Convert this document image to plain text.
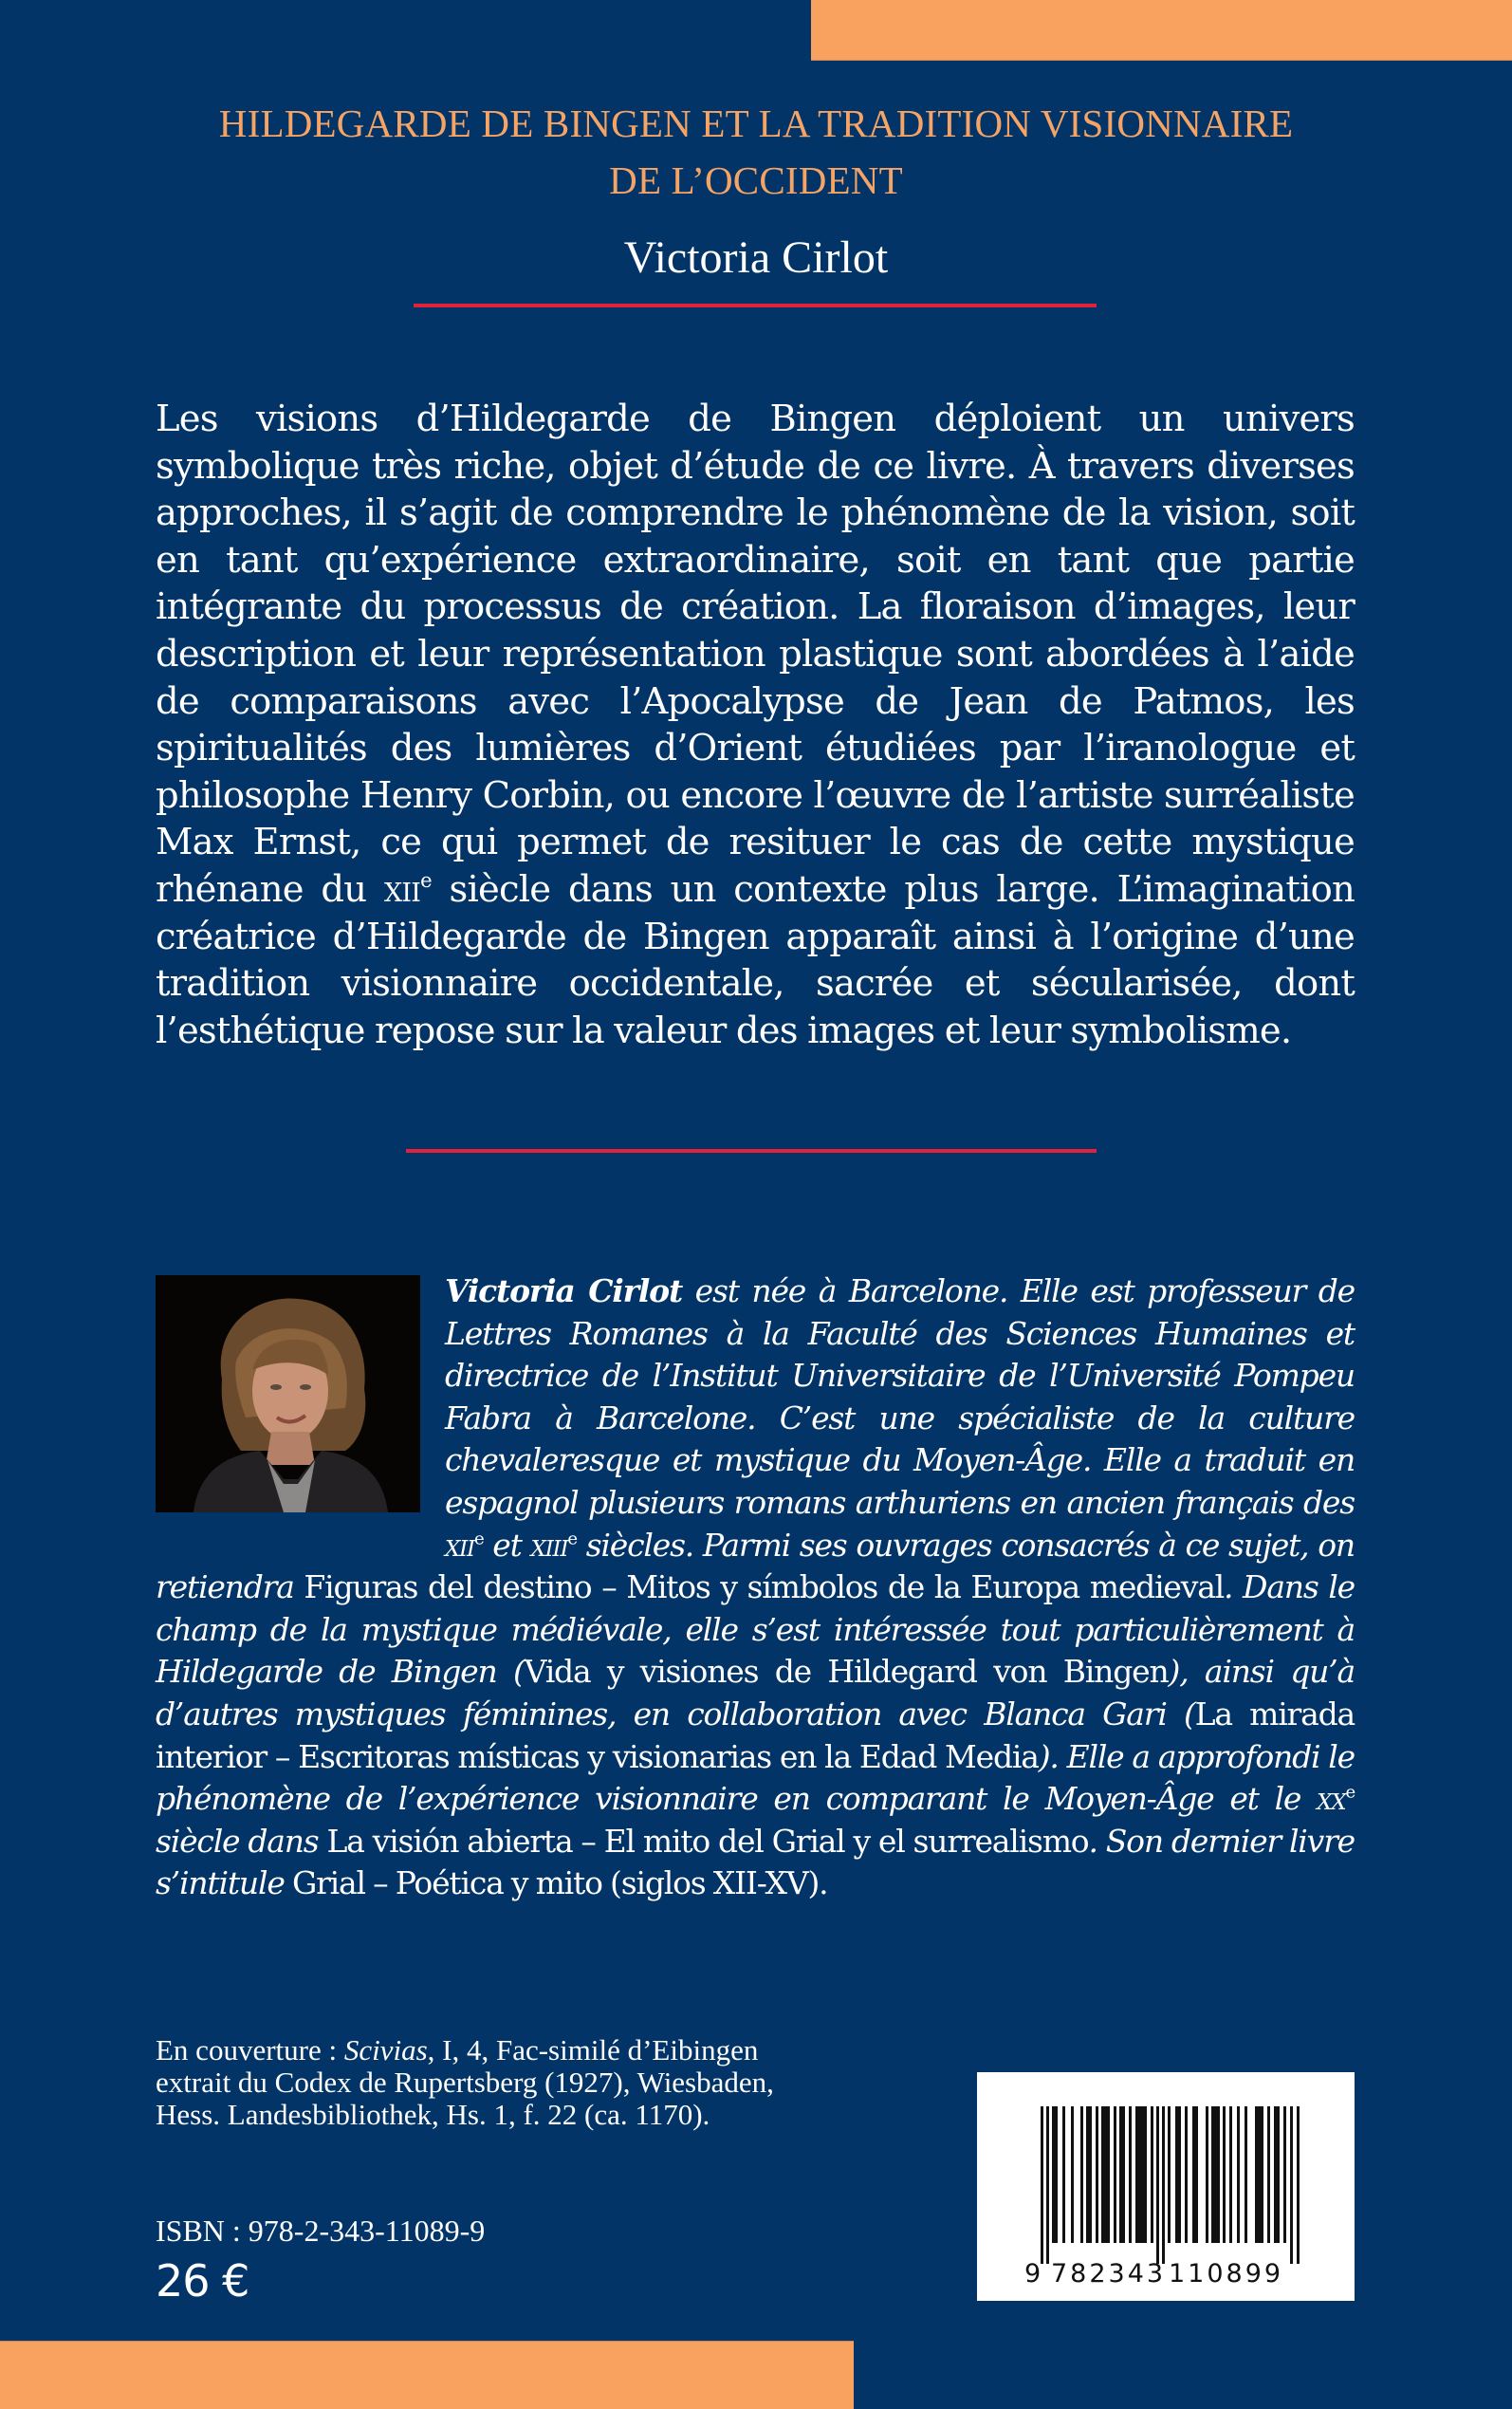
HILDEGARDE DE BINGEN ET LA TRADITION VISIONNAIRE
DE L’OCCIDENT
Victoria Cirlot

Les visions d’Hildegarde de Bingen déploient un univers symbolique très riche, objet d’étude de ce livre. À travers diverses approches, il s’agit de comprendre le phénomène de la vision, soit en tant qu’expérience extraordinaire, soit en tant que partie intégrante du processus de création. La floraison d’images, leur description et leur représentation plastique sont abordées à l’aide de comparaisons avec l’Apocalypse de Jean de Patmos, les spiritualités des lumières d’Orient étudiées par l’iranologue et philosophe Henry Corbin, ou encore l’œuvre de l’artiste surréaliste Max Ernst, ce qui permet de resituer le cas de cette mystique rhénane du xii$^e$ siècle dans un contexte plus large. L’imagination créatrice d’Hildegarde de Bingen apparaît ainsi à l’origine d’une tradition visionnaire occidentale, sacrée et sécularisée, dont l’esthétique repose sur la valeur des images et leur symbolisme.

Victoria Cirlot est née à Barcelone. Elle est professeur de Lettres Romanes à la Faculté des Sciences Humaines et directrice de l’Institut Universitaire de l’Université Pompeu Fabra à Barcelone. C’est une spécialiste de la culture chevaleresque et mystique du Moyen-Âge. Elle a traduit en espagnol plusieurs romans arthuriens en ancien français des xii$^e$ et xiii$^e$ siècles. Parmi ses ouvrages consacrés à ce sujet, on retiendra Figuras del destino – Mitos y símbolos de la Europa medieval. Dans le champ de la mystique médiévale, elle s’est intéressée tout particulièrement à Hildegarde de Bingen (Vida y visiones de Hildegard von Bingen), ainsi qu’à d’autres mystiques féminines, en collaboration avec Blanca Gari (La mirada interior – Escritoras místicas y visionarias en la Edad Media). Elle a approfondi le phénomène de l’expérience visionnaire en comparant le Moyen-Âge et le $xx^e$ siècle dans La visión abierta – El mito del Grial y el surrealismo. Son dernier livre s’intitule Grial – Poética y mito (siglos XII-XV).

En couverture : Scivias, I, 4, Fac-similé d’Eibingen
extrait du Codex de Rupertsberg (1927), Wiesbaden,
Hess. Landesbibliothek, Hs. 1, f. 22 (ca. 1170).
ISBN : 978-2-343-11089-9
26 €	9 782343 110899
